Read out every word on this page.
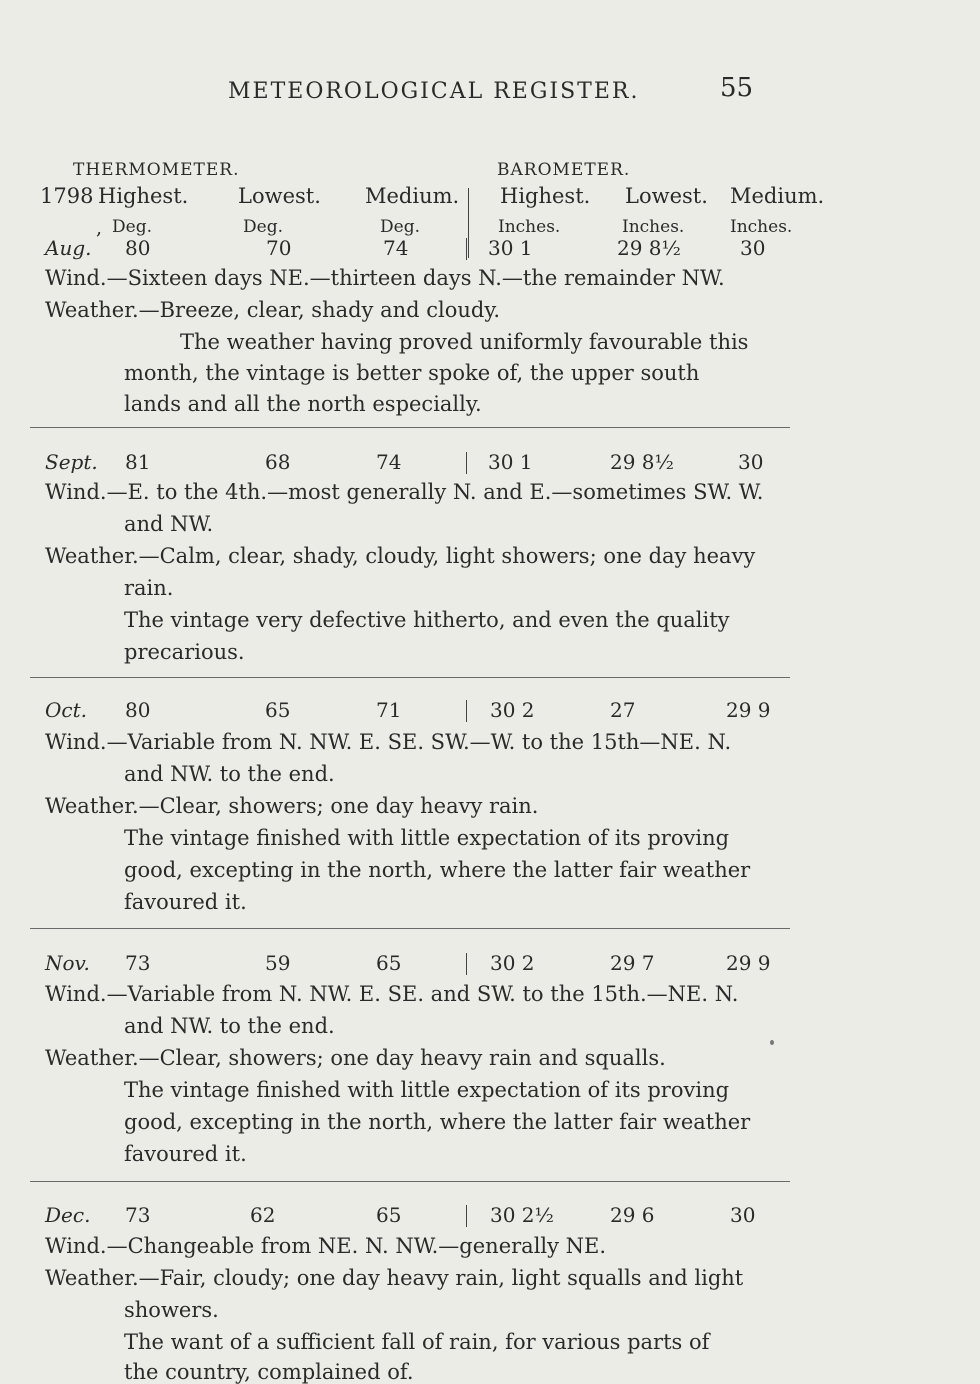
METEOROLOGICAL REGISTER.	55
THERMOMETER.	BAROMETER.
1798 Highest. Lowest. Medium. Highest. Lowest. Medium.
, Deg.	Deg.	Deg.	Inches.	Inches.	Inches.
Aug. 80	70	74	30 1	29 8½	30
Wind.—Sixteen days NE.—thirteen days N.—the remainder NW.
Weather.—Breeze, clear, shady and cloudy.
The weather having proved uniformly favourable this
month, the vintage is better spoke of, the upper south
lands and all the north especially.
Sept. 81	68	74	30 1	29 8½	30
Wind.—E. to the 4th.—most generally N. and E.—sometimes SW. W.
and NW.
Weather.—Calm, clear, shady, cloudy, light showers; one day heavy
rain.
The vintage very defective hitherto, and even the quality
precarious.
Oct. 80	65	71	30 2	27	29 9
Wind.—Variable from N. NW. E. SE. SW.—W. to the 15th—NE. N.
and NW. to the end.
Weather.—Clear, showers; one day heavy rain.
The vintage finished with little expectation of its proving
good, excepting in the north, where the latter fair weather
favoured it.
Nov. 73	59	65	30 2	29 7	29 9
Wind.—Variable from N. NW. E. SE. and SW. to the 15th.—NE. N.
and NW. to the end.
Weather.—Clear, showers; one day heavy rain and squalls.
The vintage finished with little expectation of its proving
good, excepting in the north, where the latter fair weather
favoured it.
Dec. 73	62	65	30 2½	29 6	30
Wind.—Changeable from NE. N. NW.—generally NE.
Weather.—Fair, cloudy; one day heavy rain, light squalls and light
showers.
The want of a sufficient fall of rain, for various parts of
the country, complained of.
